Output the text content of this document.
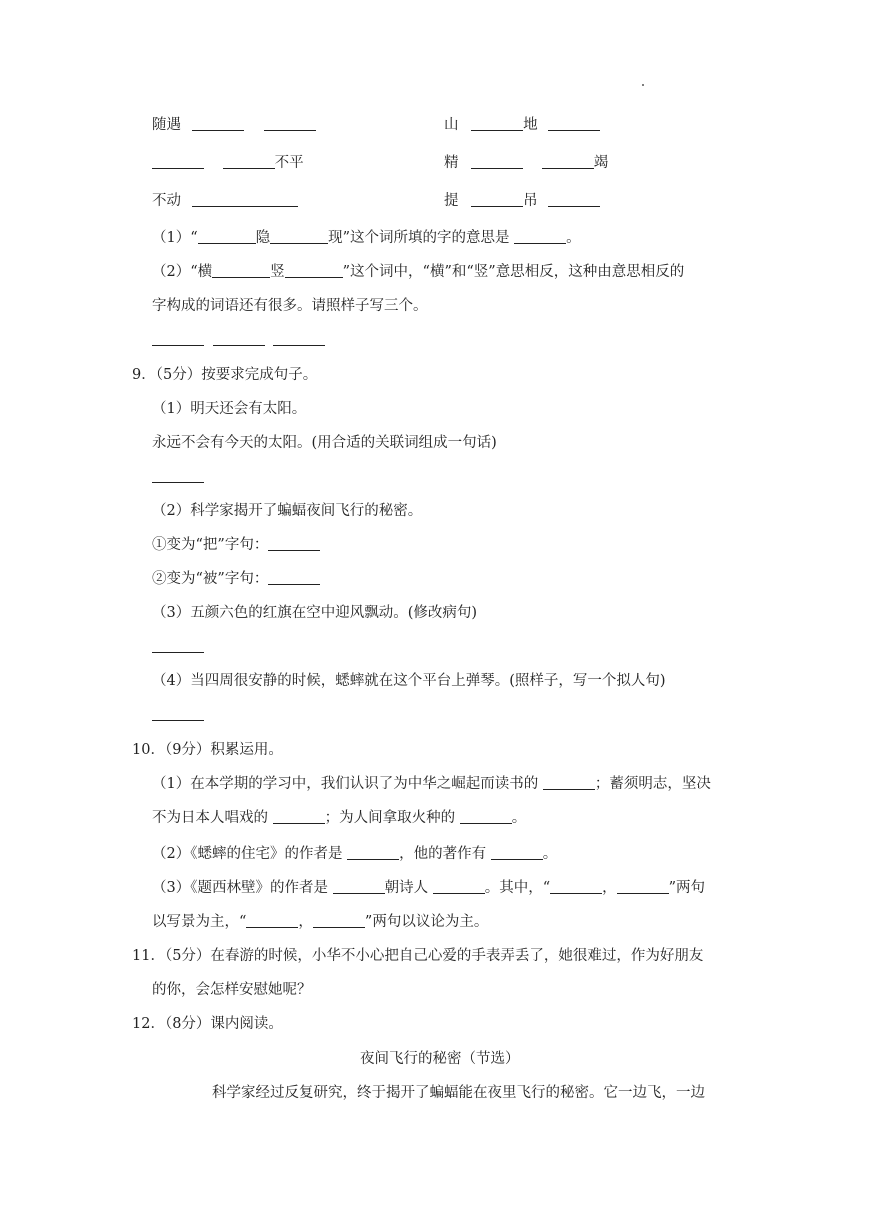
随遇	山	地
不平	精	竭
不动	提	吊
（1）“	隐	现”这个词所填的字的意思是	。
（2）“横	竖	”这个词中，“横”和“竖”意思相反，这种由意思相反的
字构成的词语还有很多。请照样子写三个。

9．（5分）按要求完成句子。
（1）明天还会有太阳。
永远不会有今天的太阳。(用合适的关联词组成一句话)
（2）科学家揭开了蝙蝠夜间飞行的秘密。
①变为“把”字句：
②变为“被”字句：
（3）五颜六色的红旗在空中迎风飘动。(修改病句)
（4）当四周很安静的时候，蟋蟀就在这个平台上弹琴。(照样子，写一个拟人句)
10．（9分）积累运用。
（1）在本学期的学习中，我们认识了为中华之崛起而读书的	；蓄须明志，坚决
不为日本人唱戏的	；为人间拿取火种的	。
（2）《蟋蟀的住宅》的作者是	，他的著作有	。
（3）《题西林壁》的作者是	朝诗人	。其中，“	，	”两句
以写景为主，“	，	”两句以议论为主。
11．（5分）在春游的时候，小华不小心把自己心爱的手表弄丢了，她很难过，作为好朋友
的你，会怎样安慰她呢？
12．（8分）课内阅读。
夜间飞行的秘密（节选）
科学家经过反复研究，终于揭开了蝙蝠能在夜里飞行的秘密。它一边飞，一边
